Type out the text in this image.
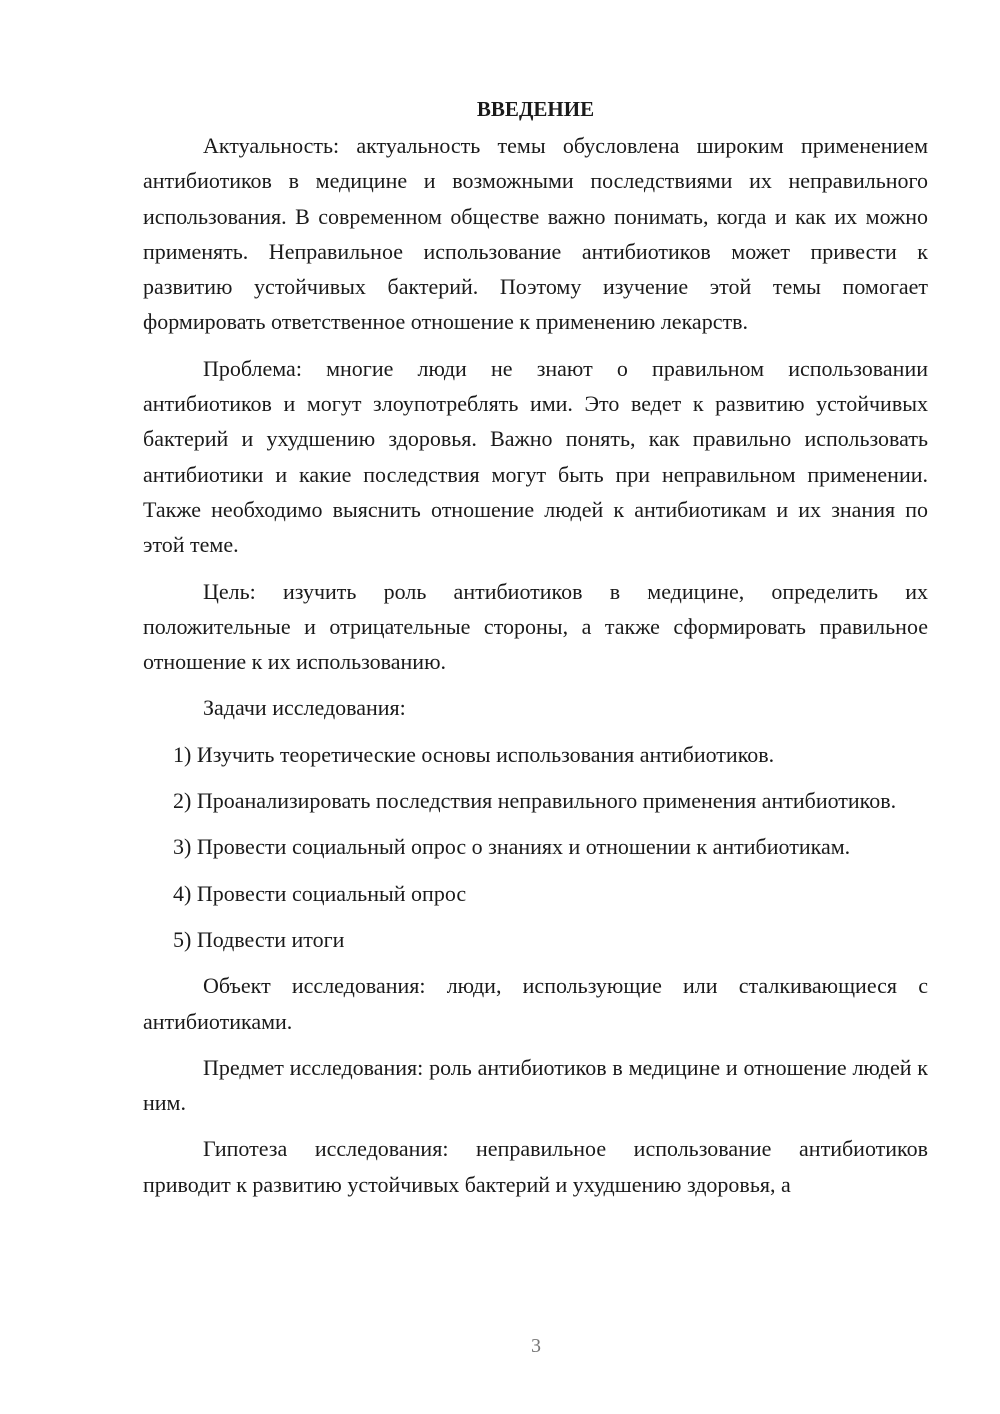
ВВЕДЕНИЕ

Актуальность: актуальность темы обусловлена широким применением антибиотиков в медицине и возможными последствиями их неправильного использования. В современном обществе важно понимать, когда и как их можно применять. Неправильное использование антибиотиков может привести к развитию устойчивых бактерий. Поэтому изучение этой темы помогает формировать ответственное отношение к применению лекарств.

Проблема: многие люди не знают о правильном использовании антибиотиков и могут злоупотреблять ими. Это ведет к развитию устойчивых бактерий и ухудшению здоровья. Важно понять, как правильно использовать антибиотики и какие последствия могут быть при неправильном применении. Также необходимо выяснить отношение людей к антибиотикам и их знания по этой теме.

Цель: изучить роль антибиотиков в медицине, определить их положительные и отрицательные стороны, а также сформировать правильное отношение к их использованию.

Задачи исследования:

1) Изучить теоретические основы использования антибиотиков.

2) Проанализировать последствия неправильного применения антибиотиков.

3) Провести социальный опрос о знаниях и отношении к антибиотикам.

4) Провести социальный опрос

5) Подвести итоги

Объект исследования: люди, использующие или сталкивающиеся с антибиотиками.

Предмет исследования: роль антибиотиков в медицине и отношение людей к ним.

Гипотеза исследования: неправильное использование антибиотиков приводит к развитию устойчивых бактерий и ухудшению здоровья, а

3
